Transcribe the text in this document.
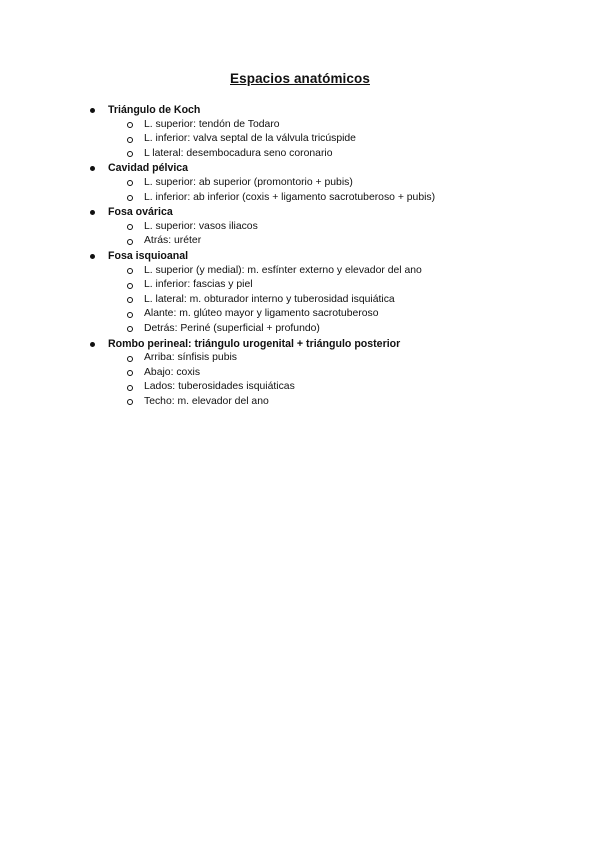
Espacios anatómicos
Triángulo de Koch
L. superior: tendón de Todaro
L. inferior: valva septal de la válvula tricúspide
L lateral: desembocadura seno coronario
Cavidad pélvica
L. superior: ab superior (promontorio + pubis)
L. inferior: ab inferior (coxis + ligamento sacrotuberoso + pubis)
Fosa ovárica
L. superior: vasos iliacos
Atrás: uréter
Fosa isquioanal
L. superior (y medial): m. esfínter externo y elevador del ano
L. inferior: fascias y piel
L. lateral: m. obturador interno y tuberosidad isquiática
Alante: m. glúteo mayor y ligamento sacrotuberoso
Detrás: Periné (superficial + profundo)
Rombo perineal: triángulo urogenital + triángulo posterior
Arriba: sínfisis pubis
Abajo: coxis
Lados: tuberosidades isquiáticas
Techo: m. elevador del ano
